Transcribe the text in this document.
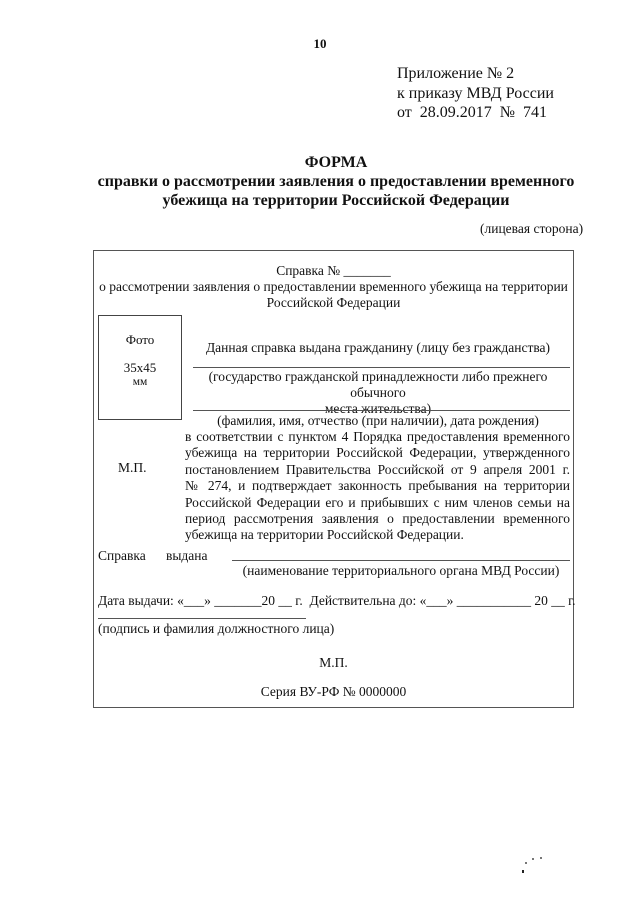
10
Приложение № 2
к приказу МВД России
от  28.09.2017  №  741
ФОРМА
справки о рассмотрении заявления о предоставлении временного
убежища на территории Российской Федерации
(лицевая сторона)
Справка № _______
о рассмотрении заявления о предоставлении временного убежища на территории
Российской Федерации
Фото
35x45
мм
Данная справка выдана гражданину (лицу без гражданства)
(государство гражданской принадлежности либо прежнего обычного
места жительства)
(фамилия, имя, отчество (при наличии), дата рождения)
М.П.

в соответствии с пунктом 4 Порядка предоставления временного

убежища на территории Российской Федерации, утвержденного

постановлением Правительства Российской от 9 апреля 2001 г.

№ 274, и подтверждает законность пребывания на территории

Российской Федерации его и прибывших с ним членов семьи на

период рассмотрения заявления о предоставлении временного

убежища на территории Российской Федерации.

Справка      выдана
(наименование территориального органа МВД России)
Дата выдачи: «___» _______20 __ г.  Действительна до: «___» ___________ 20 __ г.
(подпись и фамилия должностного лица)
М.П.
Серия ВУ-РФ № 0000000
